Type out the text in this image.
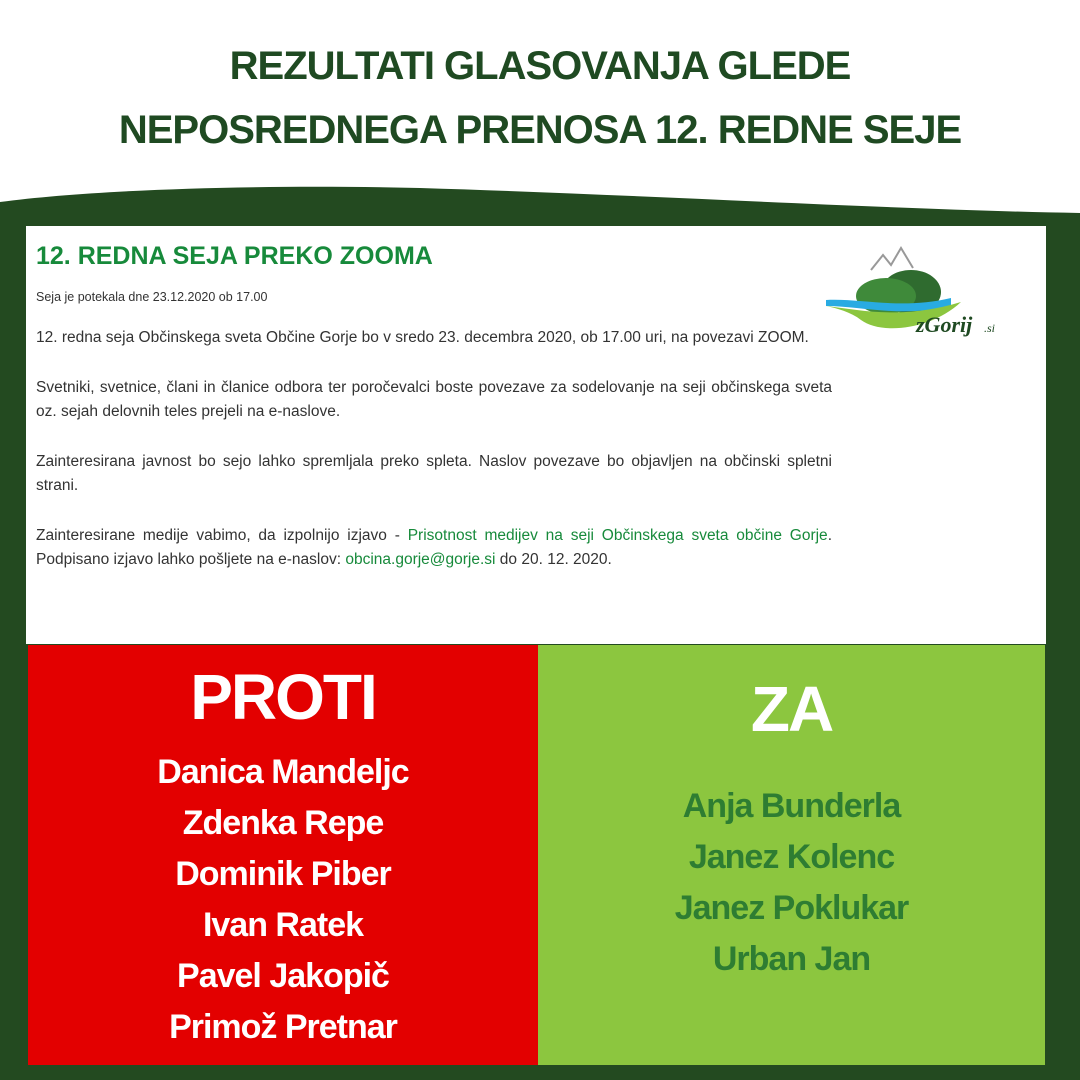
REZULTATI GLASOVANJA GLEDE
NEPOSREDNEGA PRENOSA 12. REDNE SEJE
12. REDNA SEJA PREKO ZOOMA
Seja je potekala dne 23.12.2020 ob 17.00
zGorij .si

12. redna seja Občinskega sveta Občine Gorje bo v sredo 23. decembra 2020, ob 17.00 uri, na povezavi ZOOM.

Svetniki, svetnice, člani in članice odbora ter poročevalci boste povezave za sodelovanje na seji občinskega sveta oz. sejah delovnih teles prejeli na e-naslove.

Zainteresirana javnost bo sejo lahko spremljala preko spleta. Naslov povezave bo objavljen na občinski spletni strani.

Zainteresirane medije vabimo, da izpolnijo izjavo - Prisotnost medijev na seji Občinskega sveta občine Gorje. Podpisano izjavo lahko pošljete na e-naslov: obcina.gorje@gorje.si do 20. 12. 2020.

PROTI
Danica Mandeljc
Zdenka Repe
Dominik Piber
Ivan Ratek
Pavel Jakopič
Primož Pretnar
ZA
Anja Bunderla
Janez Kolenc
Janez Poklukar
Urban Jan
